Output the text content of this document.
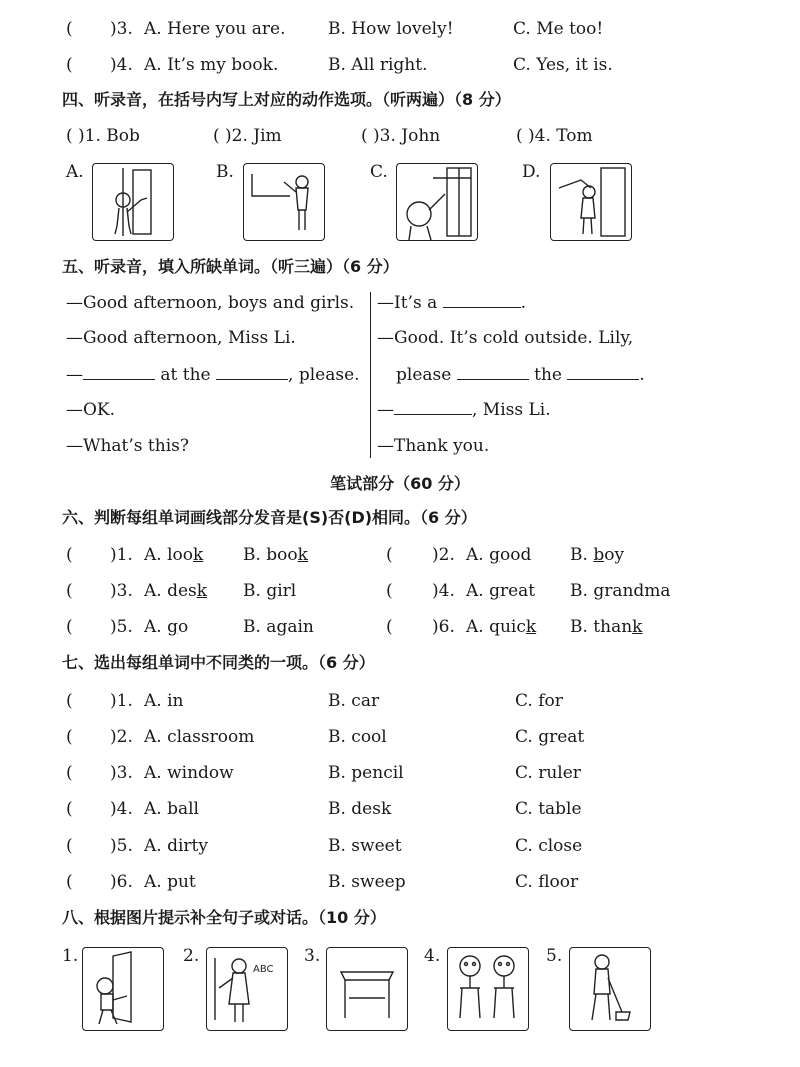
( )3. A. Here you are.	B. How lovely!	C. Me too!
( )4. A. It’s my book.	B. All right.	C. Yes, it is.
四、听录音，在括号内写上对应的动作选项。（听两遍）（8 分）
( )1. Bob	( )2. Jim	( )3. John	( )4. Tom
A.	B.	C.	D.
五、听录音，填入所缺单词。（听三遍）（6 分）
—Good afternoon, boys and girls.
—Good afternoon, Miss Li.
—	at the	, please.
—OK.
—What’s this?
—It’s a	.
—Good. It’s cold outside. Lily,
please	the	.
—	, Miss Li.
—Thank you.
笔试部分（60 分）
六、判断每组单词画线部分发音是(S)否(D)相同。（6 分）
( )1. A. look B. book	( )2. A. good B. boy
( )3. A. desk B. girl	( )4. A. great B. grandma
( )5. A. go	B. again	( )6. A. quick B. thank
七、选出每组单词中不同类的一项。（6 分）
( )1. A. in	B. car	C. for
( )2. A. classroom	B. cool	C. great
( )3. A. window	B. pencil	C. ruler
( )4. A. ball	B. desk	C. table
( )5. A. dirty	B. sweet	C. close
( )6. A. put	B. sweep	C. floor
八、根据图片提示补全句子或对话。（10 分）
1.	2.	3.	4.	5.
ABC
